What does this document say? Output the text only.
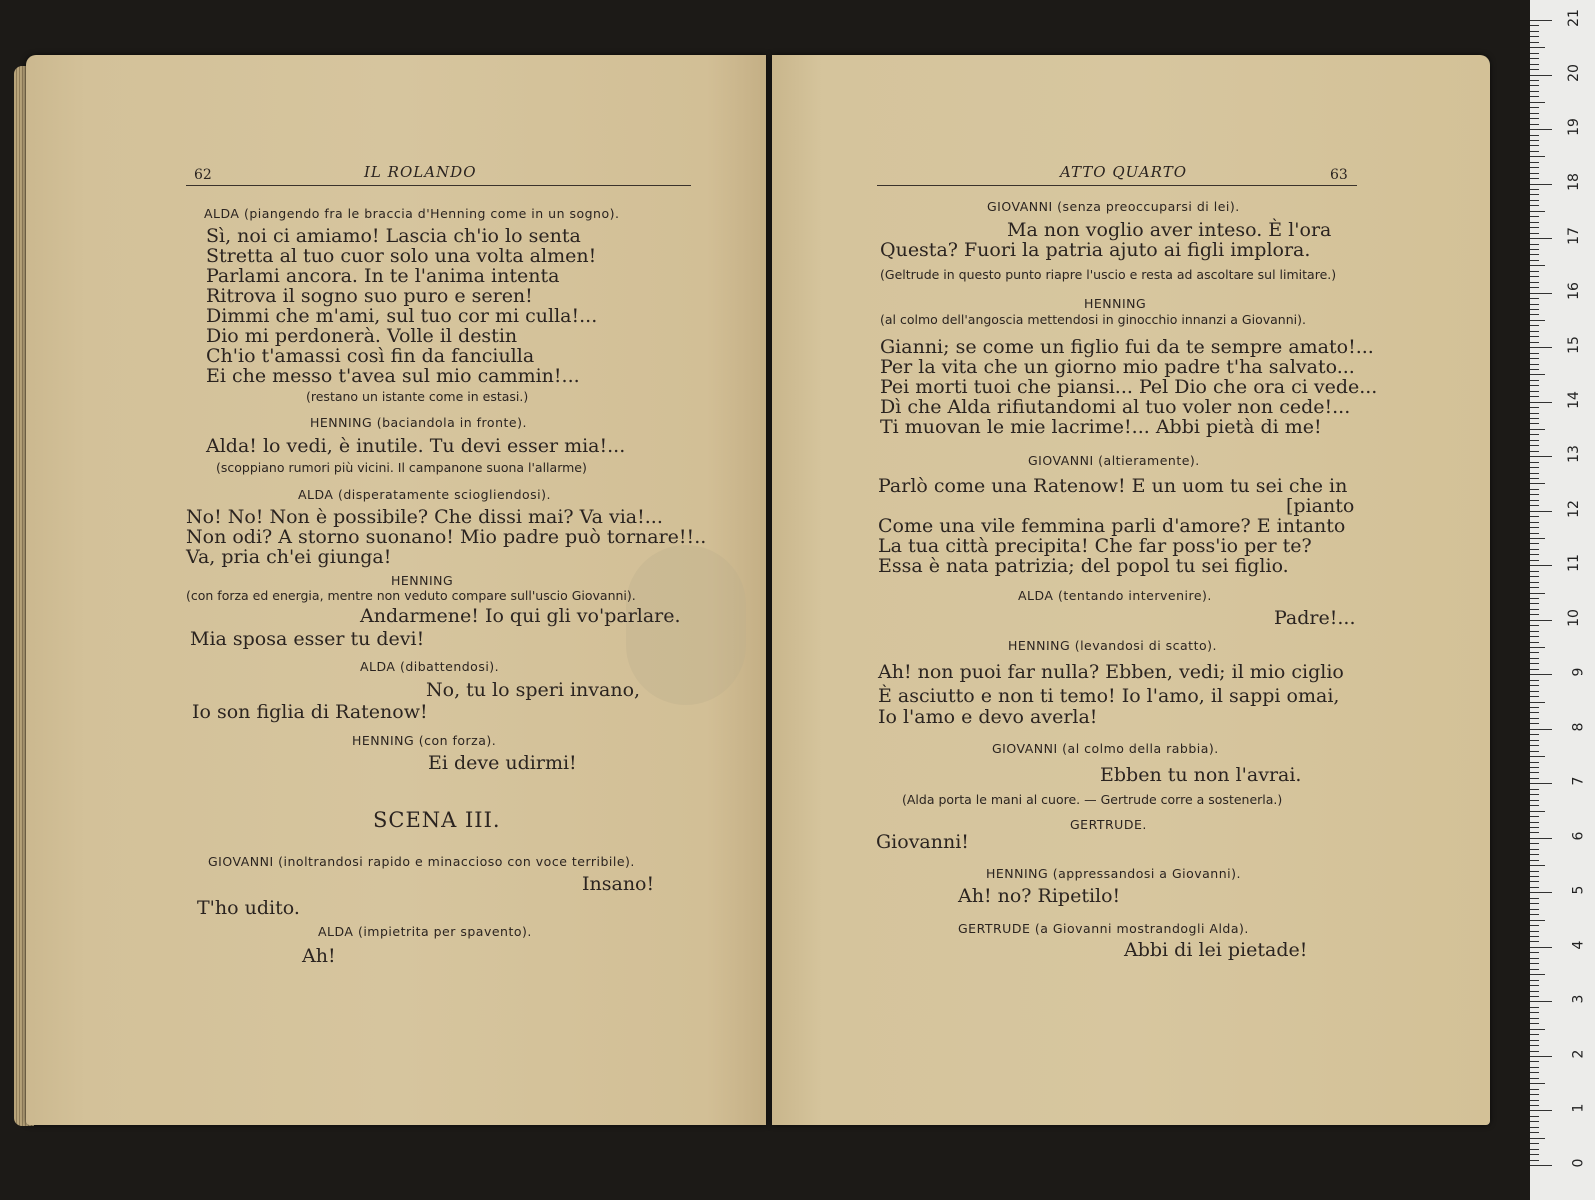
62	IL ROLANDO
ALDA (piangendo fra le braccia d'Henning come in un sogno).
Sì, noi ci amiamo! Lascia ch'io lo senta
Stretta al tuo cuor solo una volta almen!
Parlami ancora. In te l'anima intenta
Ritrova il sogno suo puro e seren!
Dimmi che m'ami, sul tuo cor mi culla!...
Dio mi perdonerà. Volle il destin
Ch'io t'amassi così fin da fanciulla
Ei che messo t'avea sul mio cammin!...
(restano un istante come in estasi.)
HENNING (baciandola in fronte).
Alda! lo vedi, è inutile. Tu devi esser mia!...
(scoppiano rumori più vicini. Il campanone suona l'allarme)
ALDA (disperatamente sciogliendosi).
No! No! Non è possibile? Che dissi mai? Va via!...
Non odi? A storno suonano! Mio padre può tornare!!..
Va, pria ch'ei giunga!
HENNING
(con forza ed energia, mentre non veduto compare sull'uscio Giovanni).
Andarmene! Io qui gli vo'parlare.
Mia sposa esser tu devi!
ALDA (dibattendosi).
No, tu lo speri invano,
Io son figlia di Ratenow!
HENNING (con forza).
Ei deve udirmi!
SCENA III.
GIOVANNI (inoltrandosi rapido e minaccioso con voce terribile).
Insano!
T'ho udito.
ALDA (impietrita per spavento).
Ah!
ATTO QUARTO	63
GIOVANNI (senza preoccuparsi di lei).
Ma non voglio aver inteso. È l'ora
Questa? Fuori la patria ajuto ai figli implora.
(Geltrude in questo punto riapre l'uscio e resta ad ascoltare sul limitare.)
HENNING
(al colmo dell'angoscia mettendosi in ginocchio innanzi a Giovanni).
Gianni; se come un figlio fui da te sempre amato!...
Per la vita che un giorno mio padre t'ha salvato...
Pei morti tuoi che piansi... Pel Dio che ora ci vede...
Dì che Alda rifiutandomi al tuo voler non cede!...
Ti muovan le mie lacrime!... Abbi pietà di me!
GIOVANNI (altieramente).
Parlò come una Ratenow! E un uom tu sei che in
[pianto
Come una vile femmina parli d'amore? E intanto
La tua città precipita! Che far poss'io per te?
Essa è nata patrizia; del popol tu sei figlio.
ALDA (tentando intervenire).
Padre!...
HENNING (levandosi di scatto).
Ah! non puoi far nulla? Ebben, vedi; il mio ciglio
È asciutto e non ti temo! Io l'amo, il sappi omai,
Io l'amo e devo averla!
GIOVANNI (al colmo della rabbia).
Ebben tu non l'avrai.
(Alda porta le mani al cuore. — Gertrude corre a sostenerla.)
GERTRUDE.
Giovanni!
HENNING (appressandosi a Giovanni).
Ah! no? Ripetilo!
GERTRUDE (a Giovanni mostrandogli Alda).
Abbi di lei pietade!
0
1
2
3
4
5
6
7
8
9
10
11
12
13
14
15
16
17
18
19
20
21
